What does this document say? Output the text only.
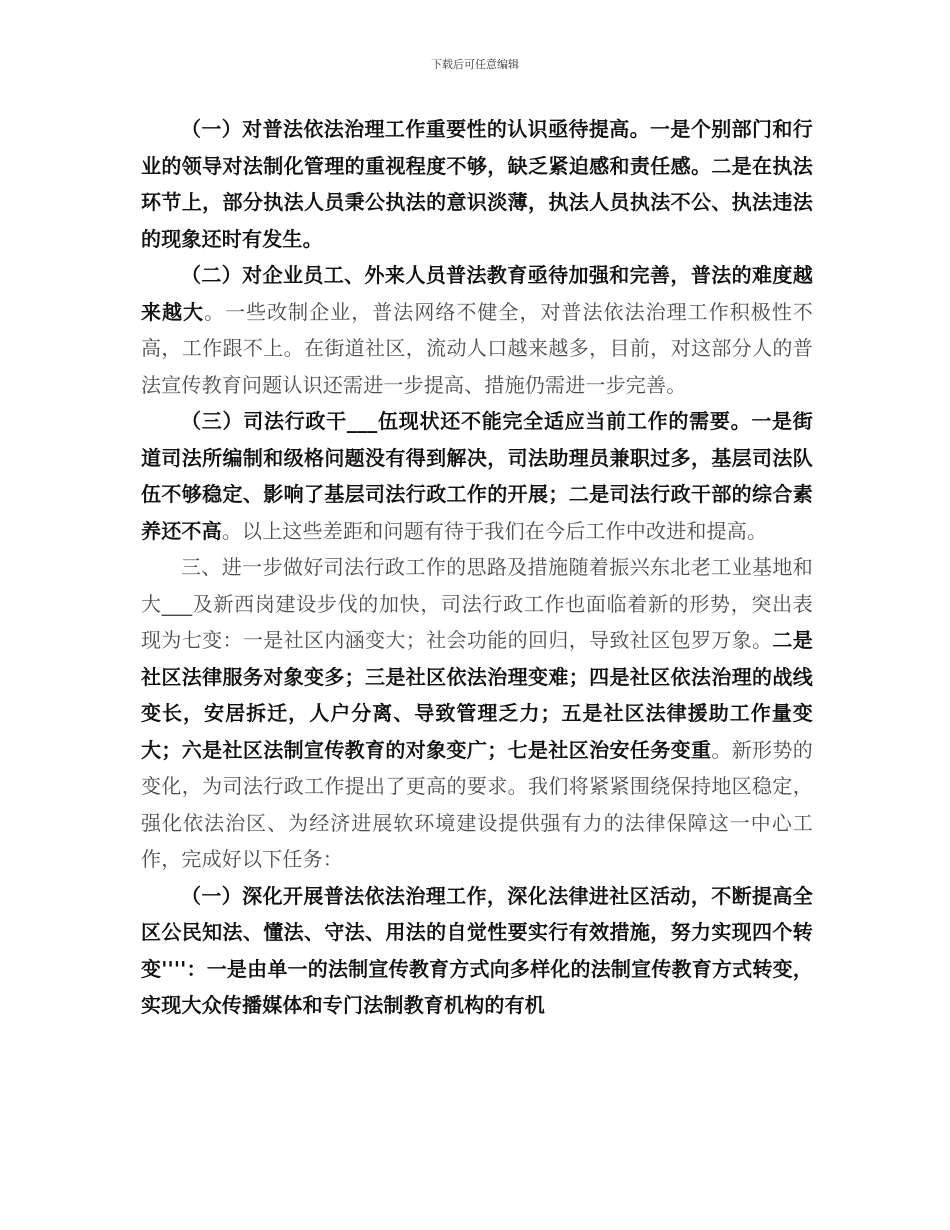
下载后可任意编辑

（一）对普法依法治理工作重要性的认识亟待提高。一是个别部门和行业的领导对法制化管理的重视程度不够，缺乏紧迫感和责任感。二是在执法环节上，部分执法人员秉公执法的意识淡薄，执法人员执法不公、执法违法的现象还时有发生。

（二）对企业员工、外来人员普法教育亟待加强和完善，普法的难度越来越大。一些改制企业，普法网络不健全，对普法依法治理工作积极性不高，工作跟不上。在街道社区，流动人口越来越多，目前，对这部分人的普法宣传教育问题认识还需进一步提高、措施仍需进一步完善。

（三）司法行政干___伍现状还不能完全适应当前工作的需要。一是街道司法所编制和级格问题没有得到解决，司法助理员兼职过多，基层司法队伍不够稳定、影响了基层司法行政工作的开展；二是司法行政干部的综合素养还不高。以上这些差距和问题有待于我们在今后工作中改进和提高。

三、进一步做好司法行政工作的思路及措施随着振兴东北老工业基地和大___及新西岗建设步伐的加快，司法行政工作也面临着新的形势，突出表现为七变：一是社区内涵变大；社会功能的回归，导致社区包罗万象。二是社区法律服务对象变多；三是社区依法治理变难；四是社区依法治理的战线变长，安居拆迁，人户分离、导致管理乏力；五是社区法律援助工作量变大；六是社区法制宣传教育的对象变广；七是社区治安任务变重。新形势的变化，为司法行政工作提出了更高的要求。我们将紧紧围绕保持地区稳定，强化依法治区、为经济进展软环境建设提供强有力的法律保障这一中心工作，完成好以下任务：

（一）深化开展普法依法治理工作，深化法律进社区活动，不断提高全区公民知法、懂法、守法、用法的自觉性要实行有效措施，努力实现四个转变''''：一是由单一的法制宣传教育方式向多样化的法制宣传教育方式转变，实现大众传播媒体和专门法制教育机构的有机
